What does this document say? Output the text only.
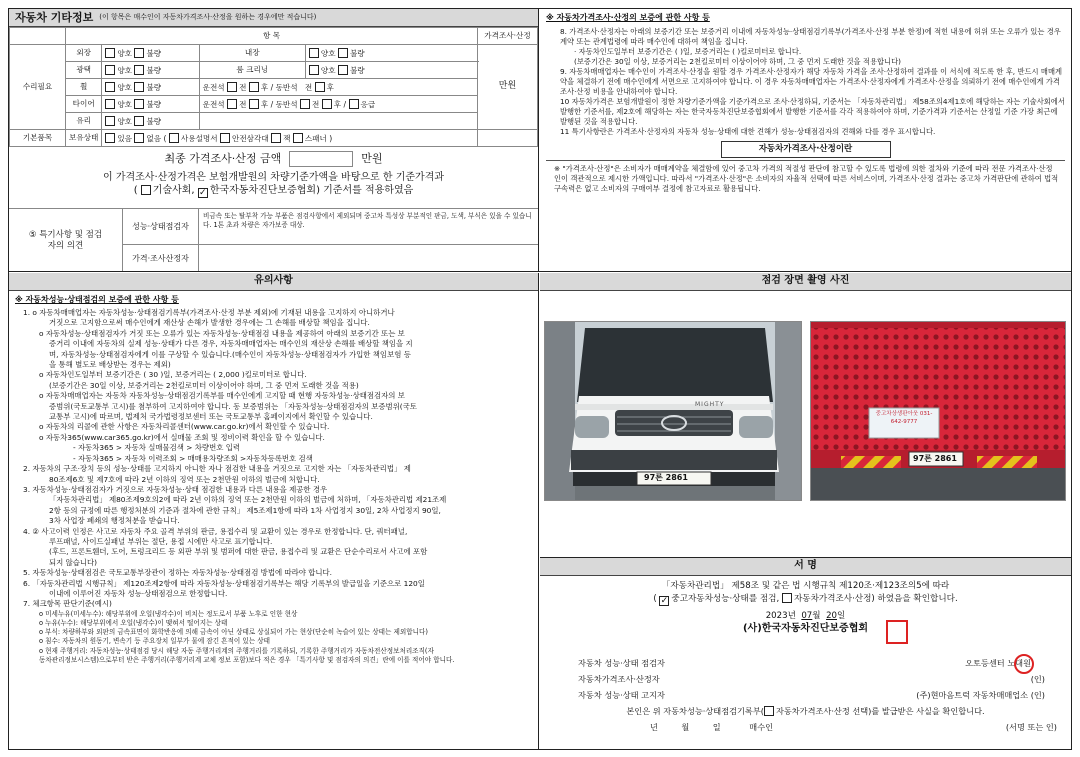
자동차 기타정보 (이 항목은 매수인이 자동차가격조사·산정을 원하는 경우에만 적습니다)
	항 목				가격조사·산정
수리필요	외장	양호 불량	내장	양호 불량	만원
	광택	양호 불량	룸 크리닝	양호 불량	
	휠	양호 불량	운전석 전 후 / 동반석 전 후		
	타이어	양호 불량	운전석 전 후 / 동반석 전 후 / 응급		
	유리	양호 불량			
기본품목	보유상태	있음 없음 ( 사용설명서 안전삼각대 잭 스패너 )			
최종 가격조사·산정 금액	만원
이 가격조사·산정가격은 보험개발원의 차량기준가액을 바탕으로 한 기준가격과
( 기술사회, ✓ 한국자동차진단보증협회) 기준서를 적용하였음
⑤ 특기사항 및 점검자의 의견
성능·상태점검자
비금속 또는 탈부착 가능 부품은 점검사항에서 제외되며 중고차 특성상 부분적인 판금, 도색, 부식은 있을 수 있습니다. 1톤 초과 차량은 자가보증 대상.
가격·조사산정자
※ 자동차가격조사·산정의 보증에 관한 사항 등

8. 가격조사·산정자는 아래의 보증기간 또는 보증거리 이내에 자동차성능·상태점검기록부(가격조사·산정 부분 한정)에 적힌 내용에 허위 또는 오류가 있는 경우 계약 또는 관계법령에 따라 매수인에 대하여 책임을 집니다.

· 자동차인도일부터 보증기간은 ( )일, 보증거리는 ( )킬로미터로 합니다.

(보증기간은 30일 이상, 보증거리는 2천킬로미터 이상이어야 하며, 그 중 먼저 도래한 것을 적용합니다)

9. 자동차매매업자는 매수인이 가격조사·산정을 원할 경우 가격조사·산정자가 해당 자동차 가격을 조사·산정하여 결과를 이 서식에 적도록 한 후, 반드시 매매계약을 체결하기 전에 매수인에게 서면으로 고지하여야 합니다. 이 경우 자동차매매업자는 가격조사·산정자에게 가격조사·산정을 의뢰하기 전에 매수인에게 가격조사·산정 비용을 안내하여야 합니다.

10 자동차가격은 보험개발원이 정한 차량기준가액을 기준가격으로 조사·산정하되, 기준서는 「자동차관리법」 제58조의4제1호에 해당하는 자는 기술사회에서 발행한 기준서를, 제2호에 해당하는 자는 한국자동차진단보증협회에서 발행한 기준서를 각각 적용하여야 하며, 기준가격과 기준서는 산정일 기준 가장 최근에 발행된 것을 적용합니다.

11 특기사항란은 가격조사·산정자의 자동차 성능·상태에 대한 견해가 성능·상태점검자의 견해와 다를 경우 표시합니다.

자동차가격조사·산정이란
※ "가격조사·산정"은 소비자가 매매계약을 체결함에 있어 중고차 가격의 적절성 판단에 참고할 수 있도록 법령에 의한 절차와 기준에 따라 전문 가격조사·산정인이 객관적으로 제시한 가액입니다. 따라서 "가격조사·산정"은 소비자의 자율적 선택에 따른 서비스이며, 가격조사·산정 결과는 중고차 가격판단에 관하여 법적 구속력은 없고 소비자의 구매여부 결정에 참고자료로 활용됩니다.
유의사항
※ 자동차성능·상태점검의 보증에 관한 사항 등

1. o 자동차매매업자는 자동차성능·상태점검기록부(가격조사·산정 부분 제외)에 기재된 내용을 고지하지 아니하거나

거짓으로 고지함으로써 매수인에게 재산상 손해가 발생한 경우에는 그 손해를 배상할 책임을 집니다.

o 자동차성능·상태점검자가 거짓 또는 오류가 있는 자동차성능·상태점검 내용을 제공하여 아래의 보증기간 또는 보

증거리 이내에 자동차의 실제 성능·상태가 다른 경우, 자동차매매업자는 매수인의 재산상 손해를 배상할 책임을 지

며, 자동차성능·상태점검자에게 이를 구상할 수 있습니다.(매수인이 자동차성능·상태점검자가 가입한 책임보험 등

을 통해 별도로 배상받는 경우는 제외)

o 자동차인도일부터 보증기간은 ( 30 )일, 보증거리는 ( 2,000 )킬로미터로 합니다.

(보증기간은 30일 이상, 보증거리는 2천킬로미터 이상이어야 하며, 그 중 먼저 도래한 것을 적용)

o 자동차매매업자는 자동차 자동차성능·상태점검기록부를 매수인에게 고지할 때 현행 자동차성능·상태점검자의 보

증범위(국토교통부 고시)를 첨부하여 고지하여야 합니다. 동 보증범위는 「자동차성능·상태점검자의 보증범위(국토

교통부 고시)에 따르며, 법제처 국가법령정보센터 또는 국토교통부 홈페이지에서 확인할 수 있습니다.

o 자동차의 리콜에 관한 사항은 자동차리콜센터(www.car.go.kr)에서 확인할 수 있습니다.

o 자동차365(www.car365.go.kr)에서 실매물 조회 및 정비이력 확인을 할 수 있습니다.

- 자동차365 > 자동차 실매물검색 > 차량번호 입력

- 자동차365 > 자동차 이력조회 > 매매용차량조회 >자동차등록번호 검색

2. 자동차의 구조·장치 등의 성능·상태를 고지하지 아니한 자나 점검한 내용을 거짓으로 고지한 자는 「자동차관리법」 제

80조제6호 및 제7호에 따라 2년 이하의 징역 또는 2천만원 이하의 벌금에 처합니다.

3. 자동차성능·상태점검자가 거짓으로 자동차성능·상태 점검한 내용과 다른 내용을 제공한 경우

「자동차관리법」 제80조제9호의2에 따라 2년 이하의 징역 또는 2천만원 이하의 벌금에 처하며, 「자동차관리법 제21조제

2항 등의 규정에 따른 행정처분의 기준과 절차에 관한 규칙」 제5조제1항에 따라 1차 사업정지 30일, 2차 사업정지 90일,

3차 사업장 폐쇄의 행정처분을 받습니다.

4. ② 사고이력 인정은 사고로 자동차 주요 골격 부위의 판금, 용접수리 및 교환이 있는 경우로 한정합니다. 단, 쿼터패널,

루프패널, 사이드실패널 부위는 절단, 용접 시에만 사고로 표기합니다.

(후드, 프론트휀더, 도어, 트렁크리드 등 외판 부위 및 범퍼에 대한 판금, 용접수리 및 교환은 단순수리로서 사고에 포함

되지 않습니다)

5. 자동차성능·상태점검은 국토교통부장관이 정하는 자동차성능·상태점검 방법에 따라야 합니다.

6. 「자동차관리법 시행규칙」 제120조제2항에 따라 자동차성능·상태점검기록부는 해당 기록부의 발급일을 기준으로 120일

이내에 이루어진 자동차 성능·상태점검으로 한정합니다.

7. 체크항목 판단기준(예시)

o 미세누유(미세누수): 해당부위에 오일(냉각수)이 비치는 정도로서 부품 노후로 인한 현상

o 누유(누수): 해당부위에서 오일(냉각수)이 맺혀서 떨어지는 상태

o 부식: 차량하부와 외판의 금속표면이 화학반응에 의해 금속이 아닌 상태로 상실되어 가는 현상(단순히 녹슬어 있는 상태는 제외합니다)

o 침수: 자동차의 원동기, 변속기 등 주요장치 일부가 물에 잠긴 흔적이 있는 상태

o 현재 주행거리: 자동차성능·상태점검 당시 해당 자동 주행거리계의 주행거리를 기록하되, 기록한 주행거리가 자동차전산정보처리조직(자

동차관리정보시스템)으로부터 받은 주행거리(주행거리계 교체 정보 포함)보다 적은 경우 「특기사항 및 점검자의 의견」란에 이를 적어야 합니다.

점검 장면 촬영 사진
MIGHTY
97론 2861
중고차상생판아웃 031-642-9777
97론 2861
서 명
「자동차관리법」 제58조 및 같은 법 시행규칙 제120조·제123조의5에 따라
( ✓ 중고자동차성능·상태를 점검, 자동차가격조사·산정) 하였음을 확인합니다.
2023년 07월 20일
(사)한국자동차진단보증협회
자동차 성능·상태 점검자	오토등센터 노대원
자동차가격조사·산정자	(인)
자동차 성능·상태 고지자	(주)현마음트럭 자동차매매업소 (인)
본인은 위 자동차성능·상태점검기록부( 자동차가격조사·산정 선택)를 발급받은 사실을 확인합니다.
년	월	일	매수인	(서명 또는 인)
